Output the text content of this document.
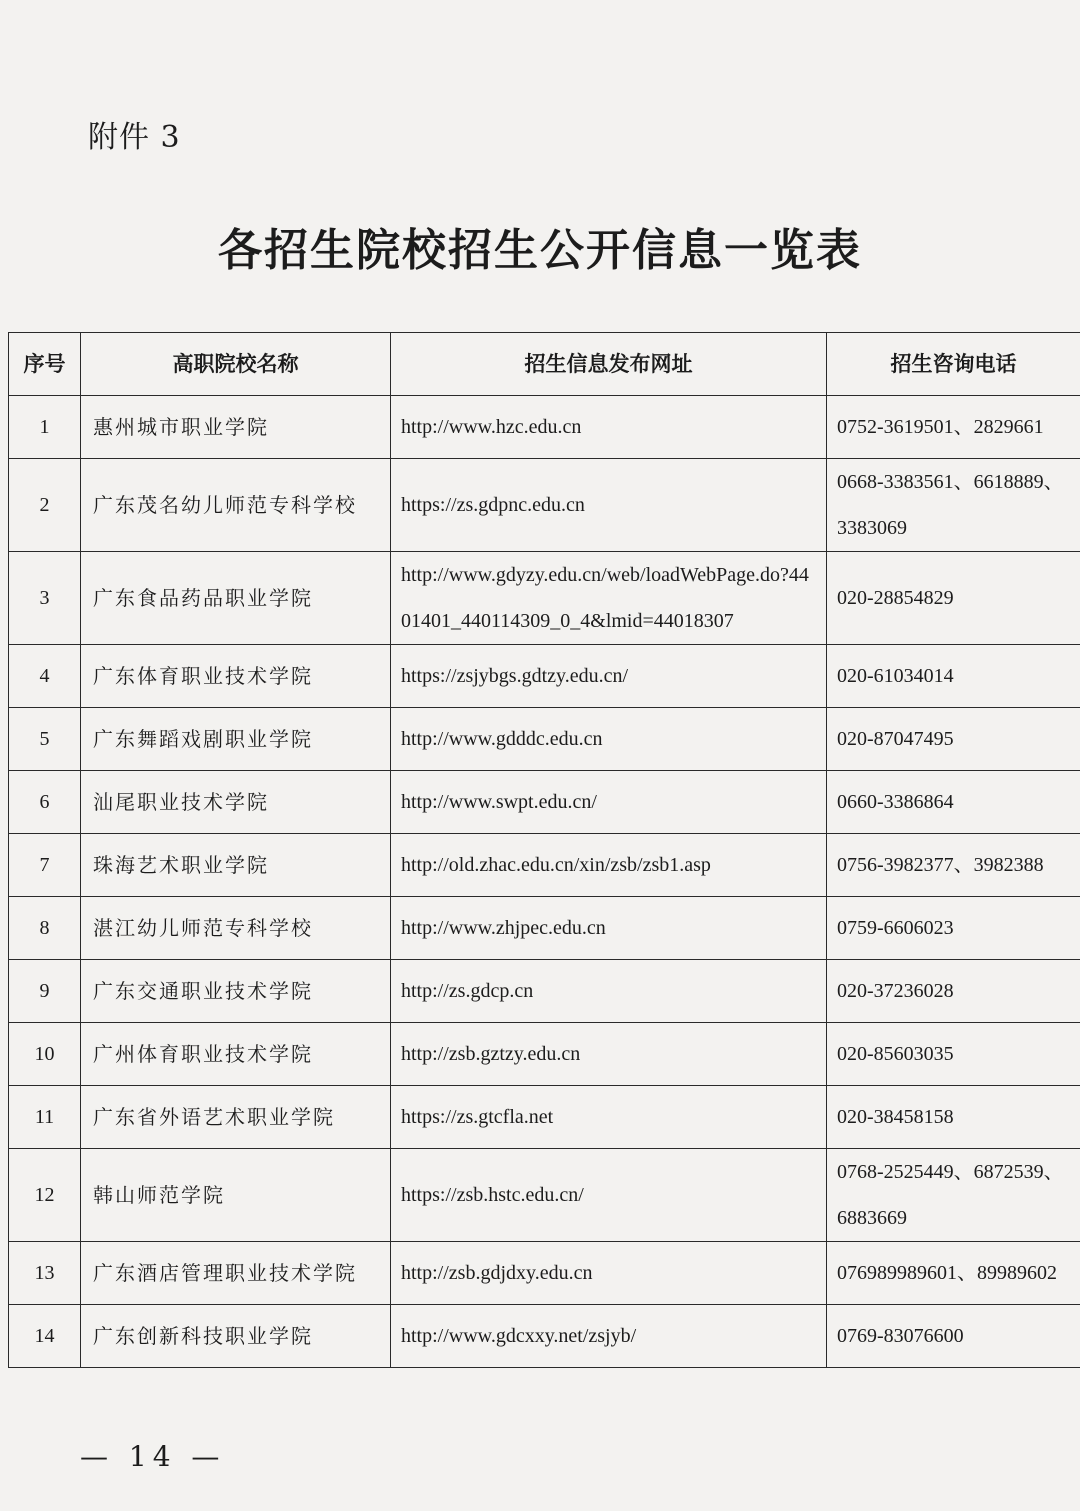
附件 3
各招生院校招生公开信息一览表
序号	高职院校名称	招生信息发布网址	招生咨询电话
1	惠州城市职业学院	http://www.hzc.edu.cn	0752-3619501、2829661
2	广东茂名幼儿师范专科学校	https://zs.gdpnc.edu.cn	0668-3383561、6618889、3383069
3	广东食品药品职业学院	http://www.gdyzy.edu.cn/web/loadWebPage.do?4401401_440114309_0_4&lmid=44018307	020-28854829
4	广东体育职业技术学院	https://zsjybgs.gdtzy.edu.cn/	020-61034014
5	广东舞蹈戏剧职业学院	http://www.gdddc.edu.cn	020-87047495
6	汕尾职业技术学院	http://www.swpt.edu.cn/	0660-3386864
7	珠海艺术职业学院	http://old.zhac.edu.cn/xin/zsb/zsb1.asp	0756-3982377、3982388
8	湛江幼儿师范专科学校	http://www.zhjpec.edu.cn	0759-6606023
9	广东交通职业技术学院	http://zs.gdcp.cn	020-37236028
10	广州体育职业技术学院	http://zsb.gztzy.edu.cn	020-85603035
11	广东省外语艺术职业学院	https://zs.gtcfla.net	020-38458158
12	韩山师范学院	https://zsb.hstc.edu.cn/	0768-2525449、6872539、6883669
13	广东酒店管理职业技术学院	http://zsb.gdjdxy.edu.cn	076989989601、89989602
14	广东创新科技职业学院	http://www.gdcxxy.net/zsjyb/	0769-83076600
— 14 —
